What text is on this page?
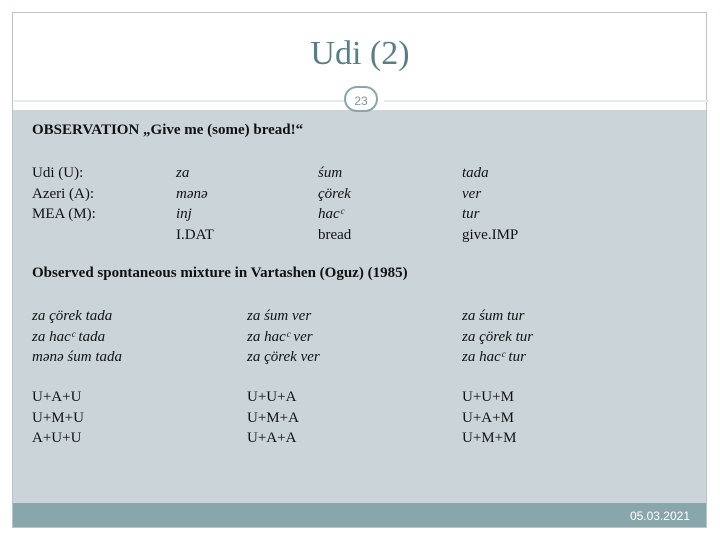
Udi (2)
23
OBSERVATION „Give me (some) bread!“
Udi (U):
Azeri (A):
MEA (M):
za
mənə
inj
I.DAT
śum
çörek
hacᶜ
bread
tada
ver
tur
give.IMP
Observed spontaneous mixture in Vartashen (Oguz) (1985)
za çörek tada
za hacᶜ tada
mənə śum tada
za śum ver
za hacᶜ ver
za çörek ver
za śum tur
za çörek tur
za hacᶜ tur
U+A+U
U+M+U
A+U+U
U+U+A
U+M+A
U+A+A
U+U+M
U+A+M
U+M+M
05.03.2021
